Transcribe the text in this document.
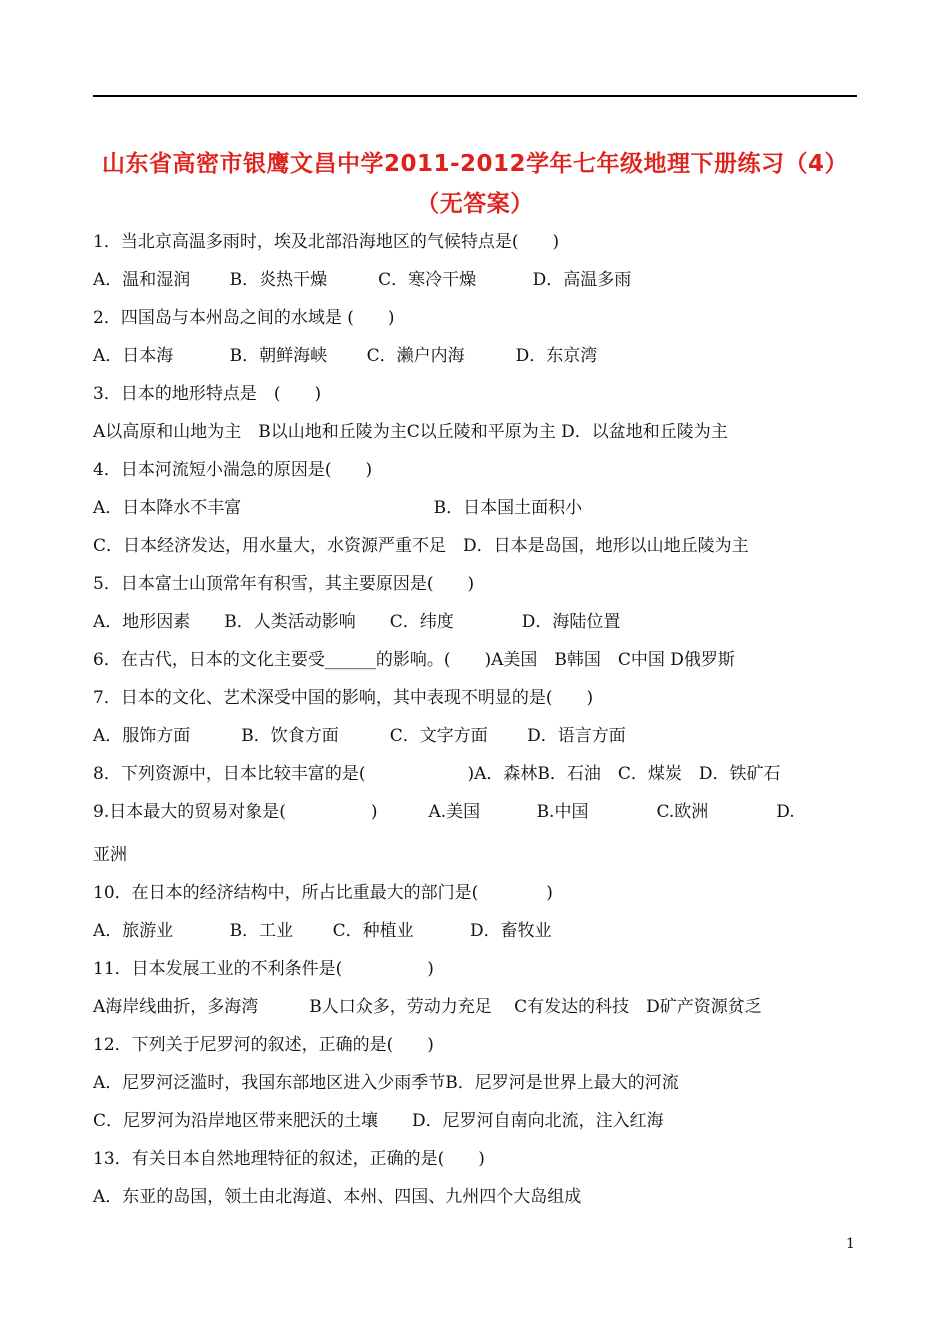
山东省高密市银鹰文昌中学2011-2012学年七年级地理下册练习（4）
（无答案）
1．当北京高温多雨时，埃及北部沿海地区的气候特点是(　　)
A．温和湿润　　 B．炎热干燥　　　C．寒冷干燥　　　 D．高温多雨
2．四国岛与本州岛之间的水域是 (　　)
A．日本海　　　 B．朝鲜海峡　　 C．濑户内海　　　D．东京湾
3．日本的地形特点是　(　　)
A以高原和山地为主　B以山地和丘陵为主C以丘陵和平原为主 D．以盆地和丘陵为主
4．日本河流短小湍急的原因是(　　)
A．日本降水不丰富　　　　　　　　　　　 B．日本国土面积小
C．日本经济发达，用水量大，水资源严重不足　D．日本是岛国，地形以山地丘陵为主
5．日本富士山顶常年有积雪，其主要原因是(　　)
A．地形因素　　B．人类活动影响　　C．纬度　　　　D．海陆位置
6．在古代，日本的文化主要受______的影响。(　　)A美国　B韩国　C中国 D俄罗斯
7．日本的文化、艺术深受中国的影响，其中表现不明显的是(　　)
A．服饰方面　　　B．饮食方面　　　C．文字方面　　 D．语言方面
8．下列资源中，日本比较丰富的是(　　　　　　)A．森林B．石油　C．煤炭　D．铁矿石
9.日本最大的贸易对象是(　　　　　)　　　A.美国　　　 B.中国　　　　C.欧洲　　　　D.
亚洲
10．在日本的经济结构中，所占比重最大的部门是(　　　　)
A．旅游业　　　 B．工业　　 C．种植业　　　 D．畜牧业
11．日本发展工业的不利条件是(　　　　　)
A海岸线曲折，多海湾　　　B人口众多，劳动力充足　 C有发达的科技　D矿产资源贫乏
12．下列关于尼罗河的叙述，正确的是(　　)
A．尼罗河泛滥时，我国东部地区进入少雨季节B．尼罗河是世界上最大的河流
C．尼罗河为沿岸地区带来肥沃的土壤　　D．尼罗河自南向北流，注入红海
13．有关日本自然地理特征的叙述，正确的是(　　)
A．东亚的岛国，领土由北海道、本州、四国、九州四个大岛组成
1
